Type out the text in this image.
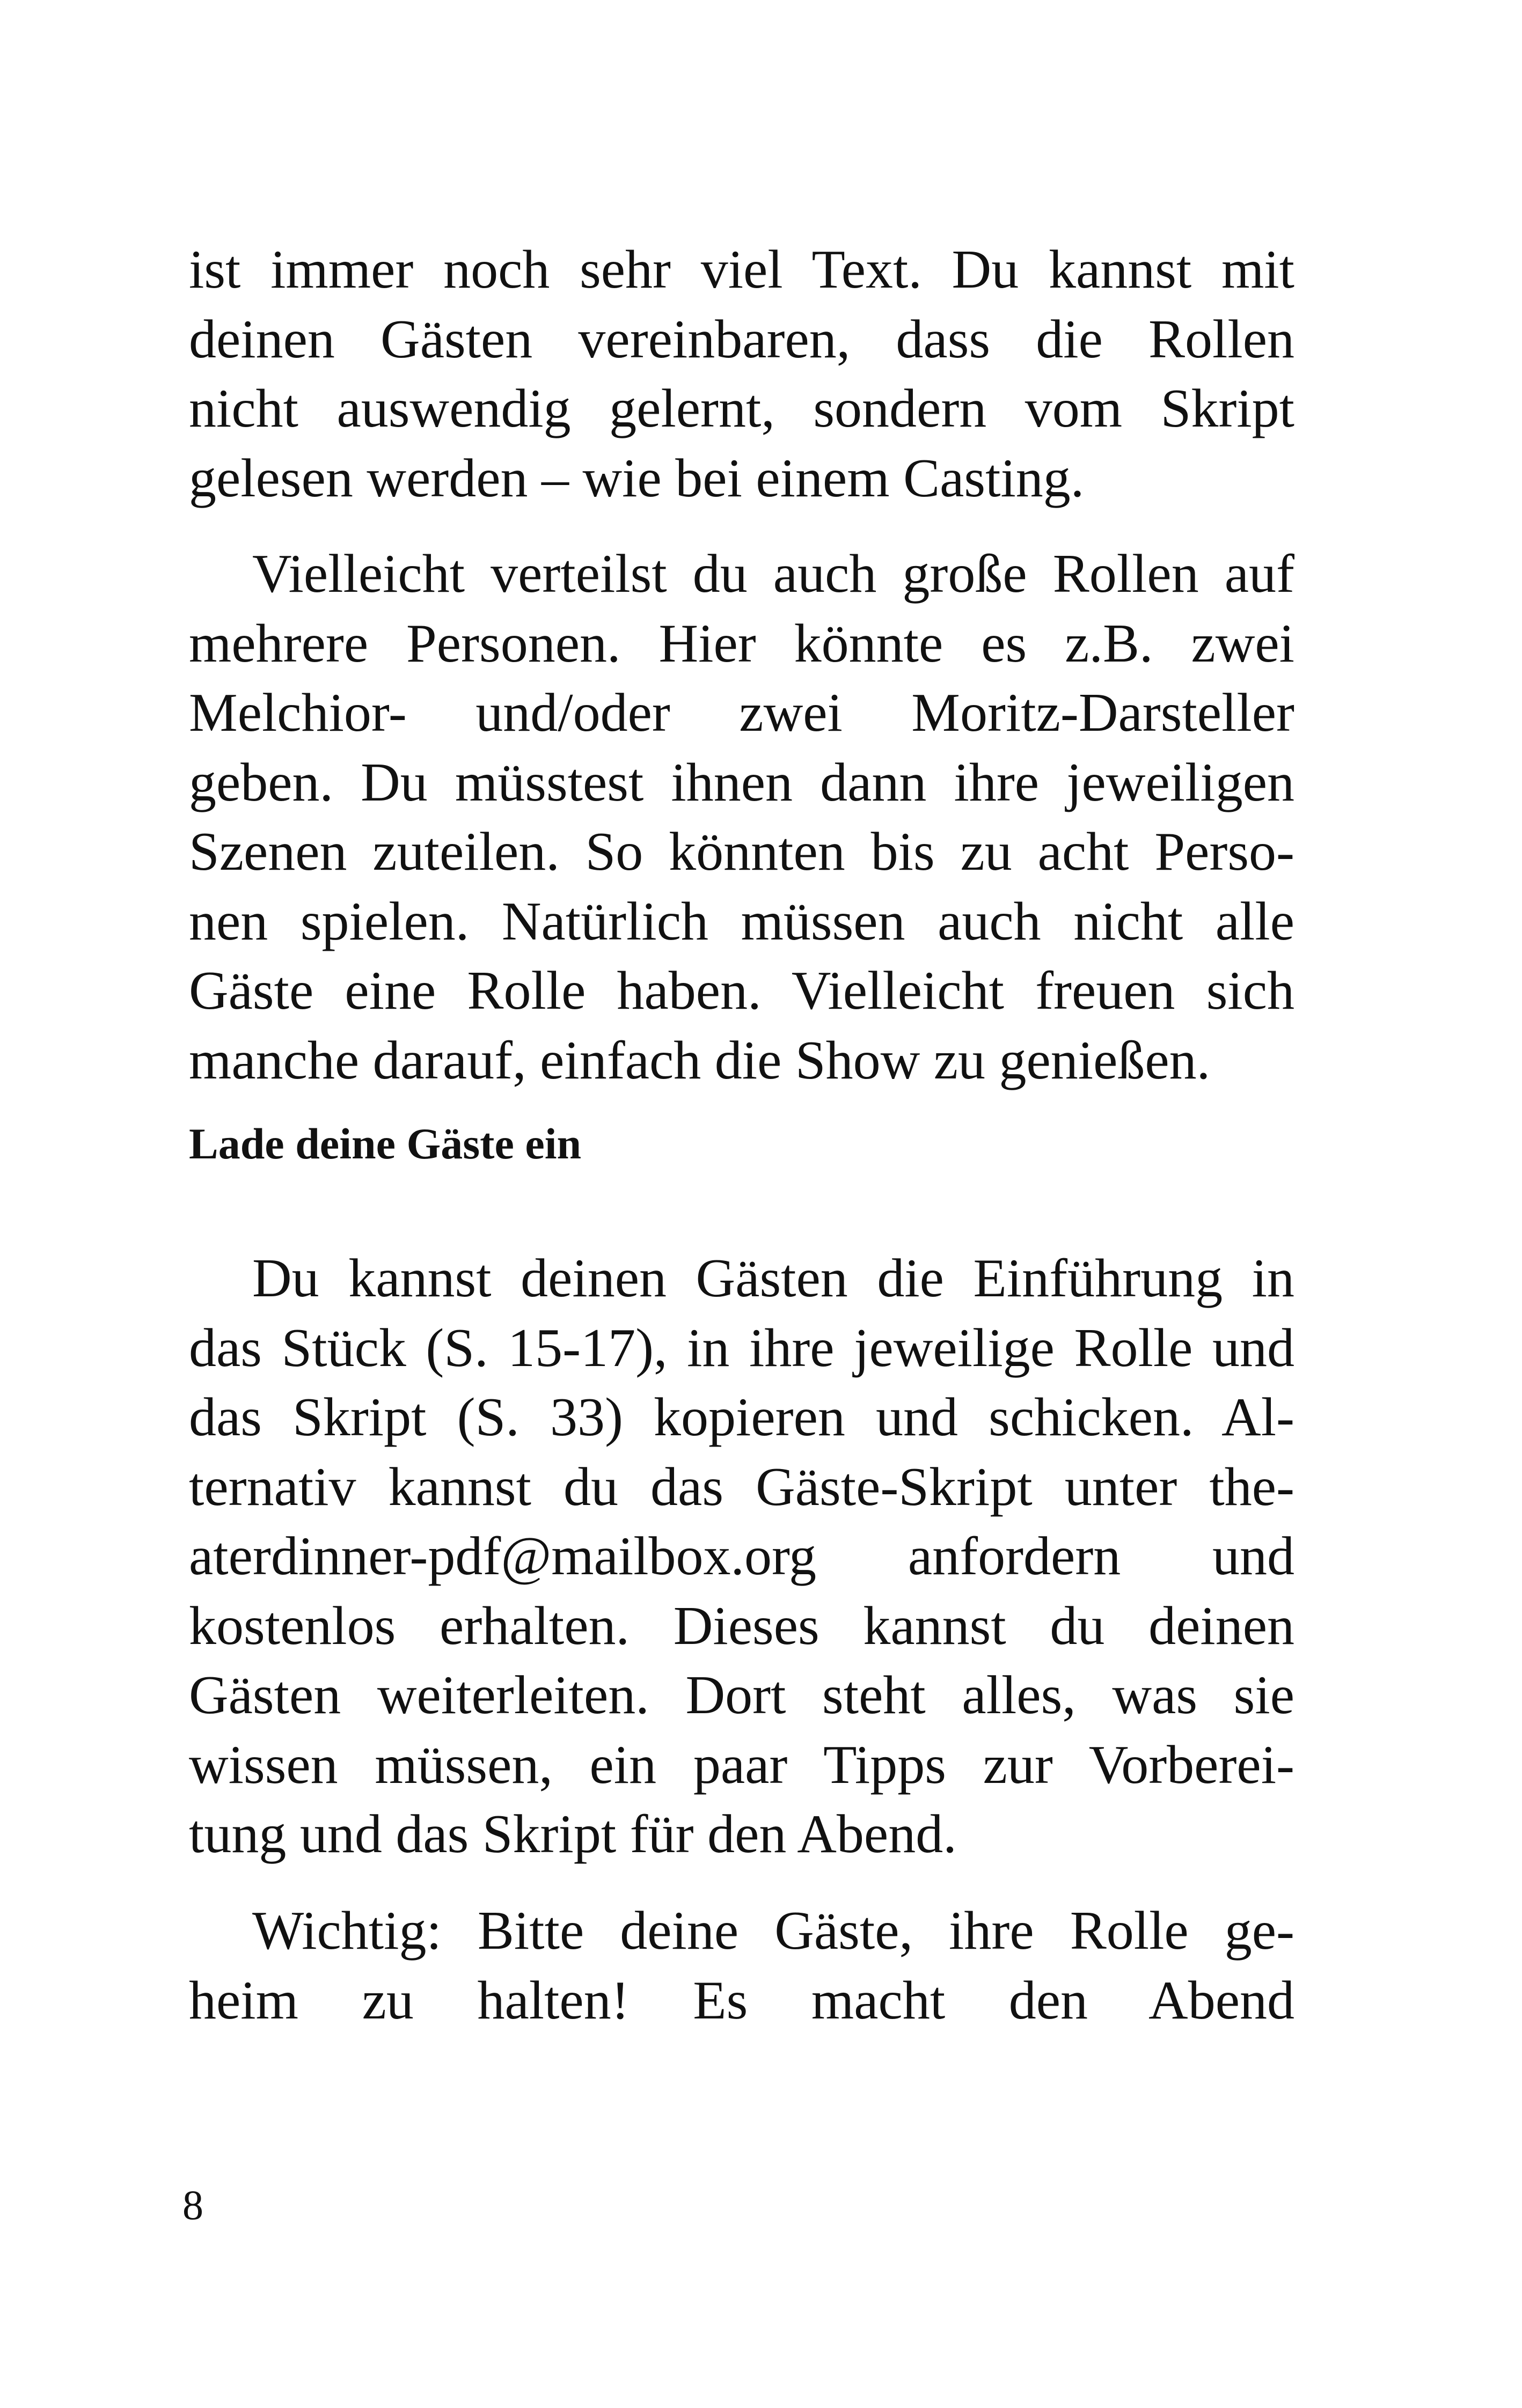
ist immer noch sehr viel Text. Du kannst mit
deinen Gästen vereinbaren, dass die Rollen
nicht auswendig gelernt, sondern vom Skript
gelesen werden – wie bei einem Casting.
Vielleicht verteilst du auch große Rollen auf
mehrere Personen. Hier könnte es z.B. zwei
Melchior- und/oder zwei Moritz-Darsteller
geben. Du müsstest ihnen dann ihre jeweiligen
Szenen zuteilen. So könnten bis zu acht Perso-
nen spielen. Natürlich müssen auch nicht alle
Gäste eine Rolle haben. Vielleicht freuen sich
manche darauf, einfach die Show zu genießen.
Lade deine Gäste ein
Du kannst deinen Gästen die Einführung in
das Stück (S. 15-17), in ihre jeweilige Rolle und
das Skript (S. 33) kopieren und schicken. Al-
ternativ kannst du das Gäste-Skript unter the-
aterdinner-pdf@mailbox.org anfordern und
kostenlos erhalten. Dieses kannst du deinen
Gästen weiterleiten. Dort steht alles, was sie
wissen müssen, ein paar Tipps zur Vorberei-
tung und das Skript für den Abend.
Wichtig: Bitte deine Gäste, ihre Rolle ge-
heim zu halten! Es macht den Abend
8
